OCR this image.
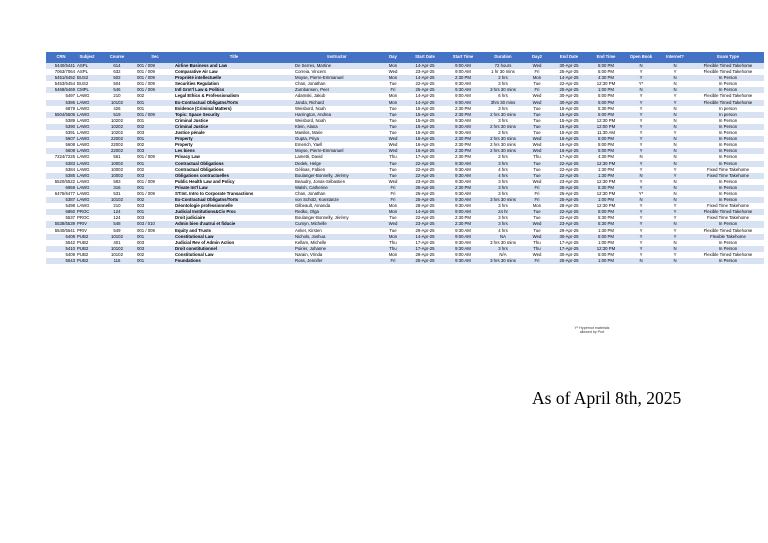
CRN	Subject	Course	Sec	Title	Instructor	Day	Start Date	Start Time	Duration	Day2	End Date	End Time	Open Book	Internet?	Exam Type
5440/5441	ASPL	614	001 / 009	Airline Business and Law	De Serres, Martine	Mon	14-Apr-25	9:00 AM	72 hours	Wed	30-Apr-25	5:00 PM	N	N	Flexible Timed Takehome
7063/7064	ASPL	632	001 / 009	Comparative Air Law	Correia, Vincent	Wed	23-Apr-25	9:00 AM	1 hr 30 mins	Fri	25-Apr-25	5:00 PM	Y	Y	Flexible Timed Takehome
5451/5452	BUS2	502	001 / 009	Propriété intellectuelle	Moyse, Pierre-Emmanuel	Mon	14-Apr-25	2:30 PM	2 hrs	Mon	14-Apr-25	4:30 PM	Y	N	In Person
5453/5454	BUS2	504	001 / 009	Securities Regulation	Chan, Jonathan	Tue	22-Apr-25	9:30 AM	3 hrs	Tue	22-Apr-25	12:30 PM	Y*	N	In Person
5468/5469	CMPL	546	001 / 009	Intl Grnt'l Law & Politics	Zumbansen, Peer	Fri	25-Apr-25	9:30 AM	3 hrs 30 mins	Fri	25-Apr-25	1:00 PM	N	N	In Person
5497	LAWG	210	002	Legal Ethics & Professionalism	Adamski, Jakub	Mon	14-Apr-25	9:00 AM	6 hrs	Wed	30-Apr-25	5:00 PM	Y	Y	Flexible Timed Takehome
5386	LAWG	10102	001	Ex-Contractual Obligatns/Torts	Janda, Richard	Mon	14-Apr-25	9:00 AM	3hrs 30 mins	Wed	30-Apr-25	5:00 PM	Y	Y	Flexible Timed Takehome
6879	LAWG	426	001	Evidence (Criminal Matters)	Weisbord, Noah	Tue	15-Apr-25	2:30 PM	3 hrs	Tue	15-Apr-25	5:30 PM	Y	N	In person
5504/5505	LAWG	519	001 / 009	Topic: Space Security	Harrington, Andrea	Tue	15-Apr-25	2:30 PM	2 hrs 30 mins	Tue	15-Apr-25	5:00 PM	Y	N	In person
5389	LAWG	10202	001	Criminal Justice	Weisbord, Noah	Tue	15-Apr-25	9:30 AM	3 hrs	Tue	15-Apr-25	12:30 PM	Y	N	In Person
5390	LAWG	10202	002	Criminal Justice	Klein, Alana	Tue	15-Apr-25	9:30 AM	2 hrs 30 mins	Tue	15-Apr-25	12:00 PM	Y	N	In Person
5391	LAWG	10202	003	Justice pénale	Manikis, Marie	Tue	15-Apr-25	9:30 AM	2 hrs	Tue	15-Apr-25	11:30 AM	Y	Y	In Person
5607	LAWG	22002	001	Property	Gupta, Priya	Wed	16-Apr-25	2:30 PM	2 hrs 30 mins	Wed	16-Apr-25	5:00 PM	Y	N	In Person
5608	LAWG	22002	002	Property	Emerich, Yaell	Wed	16-Apr-25	2:30 PM	2 hrs 30 mins	Wed	16-Apr-25	5:00 PM	Y	N	In Person
5609	LAWG	22002	003	Les biens	Moyse, Pierre-Emmanuel	Wed	16-Apr-25	2:30 PM	2 hrs 30 mins	Wed	16-Apr-25	5:00 PM	Y	N	In Person
7224/7225	LAWG	561	001 / 009	Privacy Law	Lametti, David	Thu	17-Apr-25	2:30 PM	2 hrs	Thu	17-Apr-25	4:30 PM	N	N	In Person
5383	LAWG	10002	001	Contractual Obligations	Dedek, Helge	Tue	22-Apr-25	9:30 AM	3 hrs	Tue	22-Apr-25	12:30 PM	Y	N	In Person
5384	LAWG	10002	002	Contractual Obligations	Gélinas, Fabien	Tue	22-Apr-25	9:30 AM	4 hrs	Tue	22-Apr-25	1:30 PM	Y	Y	Fixed Time Takehome
5385	LAWG	10002	003	Obligations contractuelles	Boulanger-Bonnelly, Jérémy	Tue	22-Apr-25	9:30 AM	4 hrs	Tue	22-Apr-25	1:30 PM	N	Y	Fixed Time Takehome
5520/5522	LAWG	583	001 / 009	Public Health Law and Policy	Beaudry, Jonas-Sébastien	Wed	23-Apr-25	9:30 AM	3 hrs	Wed	23-Apr-25	12:30 PM	Y	N	In Person
6959	LAWG	316	001	Private Int'l Law	Walsh, Catherine	Fri	25-Apr-25	2:30 PM	3 hrs	Fri	25-Apr-25	5:30 PM	Y	N	In Person
6475/6477	LAWG	531	001 / 009	ST:Int. Intro to Corporate Transactions	Chan, Jonathan	Fri	25-Apr-25	9:30 AM	3 hrs	Fri	25-Apr-25	12:30 PM	Y*	N	In Person
5387	LAWG	10102	002	Ex-Contractual Obligatns/Torts	von Schütz, Konstanze	Fri	25-Apr-25	9:30 AM	3 hrs 30 mins	Fri	25-Apr-25	1:00 PM	N	N	In Person
5498	LAWG	210	003	Déontologie professionnelle	Gilbeault, Amanda	Mon	28-Apr-25	9:30 AM	3 hrs	Mon	28-Apr-25	12:30 PM	Y	Y	Fixed Time Takehome
6860	PROC	124	001	Judicial Institutions&Civ Proc	Redko, Olga	Mon	14-Apr-25	9:00 AM	24 hr	Tue	22-Apr-25	5:00 PM	Y	Y	Flexible Timed Takehome
5537	PROC	124	003	Droit judiciaire	Boulanger-Bonnelly, Jérémy	Tue	22-Apr-25	2:30 PM	3 hrs	Tue	22-Apr-25	5:30 PM	Y	Y	Fixed Time Takehome
5538/5539	PRIV	548	003 / 010	Admin bien d'autrui et fiducie	Cumyn, Michelle	Wed	23-Apr-25	2:30 PM	3 hrs	Wed	23-Apr-25	5:30 PM	Y	N	In Person
5540/5541	PRIV	549	001 / 009	Equity and Trusts	Anker, Kirsten	Tue	29-Apr-25	9:30 AM	4 hrs	Tue	29-Apr-25	1:30 PM	Y	Y	Flexible Timed Takehome
5408	PUB2	10102	001	Constitutional Law	Nichols, Joshua	Mon	14-Apr-25	9:00 AM	NA	Wed	30-Apr-25	5:00 PM	Y	Y	Flexible Takehome
5542	PUB2	401	003	Judicial Rev of Admin Action	Kellam, Michelle	Thu	17-Apr-25	9:30 AM	3 hrs 30 mins	Thu	17-Apr-25	1:00 PM	Y	N	In Person
5410	PUB2	10102	003	Droit constitutionnel	Poirier, Johanne	Thu	17-Apr-25	9:30 AM	3 hrs	Thu	17-Apr-25	12:30 PM	Y	N	In Person
5409	PUB2	10102	002	Constitutional Law	Narain, Vrinda	Mon	28-Apr-25	9:00 AM	N/A	Wed	30-Apr-25	5:00 PM	Y	Y	Flexible Timed Takehome
5543	PUB2	116	001	Foundations	Ross, Jennifer	Fri	25-Apr-25	9:30 AM	3 hrs 30 mins	Fri	25-Apr-25	1:00 PM	N	N	In Person
Y* Hypernot materials allowed by Prof
As of April 8th, 2025
